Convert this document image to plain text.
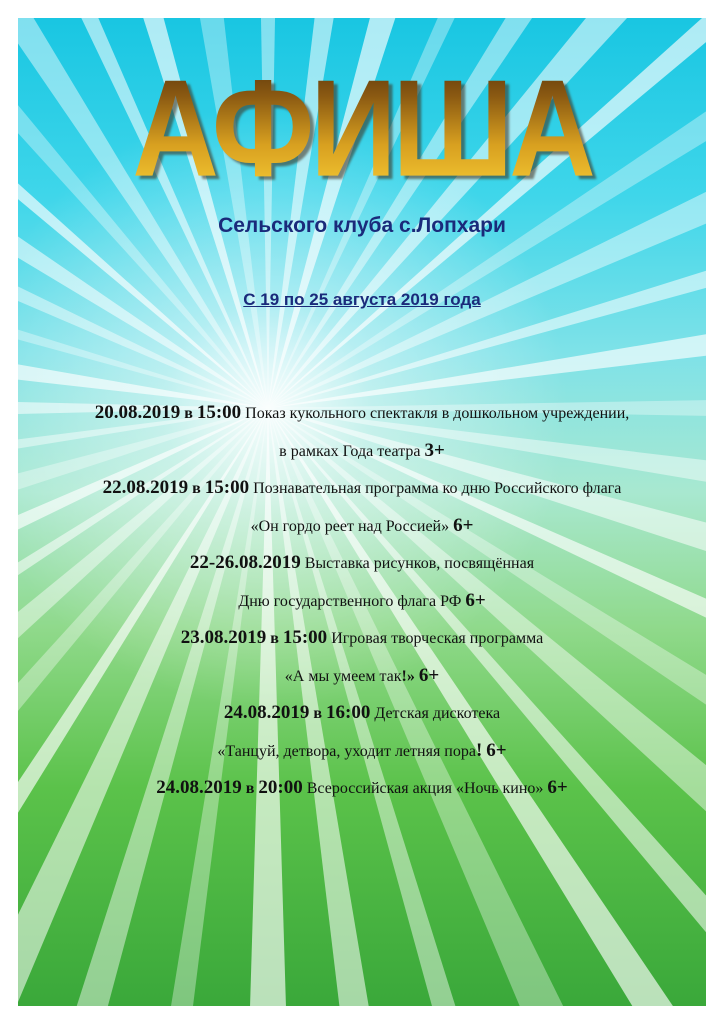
АФИША
Сельского клуба с.Лопхари
С 19 по 25 августа 2019 года
20.08.2019 в 15:00 Показ кукольного спектакля в дошкольном учреждении,
в рамках Года театра 3+
22.08.2019 в 15:00 Познавательная программа ко дню Российского флага
«Он гордо реет над Россией» 6+
22-26.08.2019 Выставка рисунков, посвящённая
Дню государственного флага РФ 6+
23.08.2019 в 15:00 Игровая творческая программа
«А мы умеем так!» 6+
24.08.2019 в 16:00 Детская дискотека
«Танцуй, детвора, уходит летняя пора! 6+
24.08.2019 в 20:00 Всероссийская акция «Ночь кино» 6+
